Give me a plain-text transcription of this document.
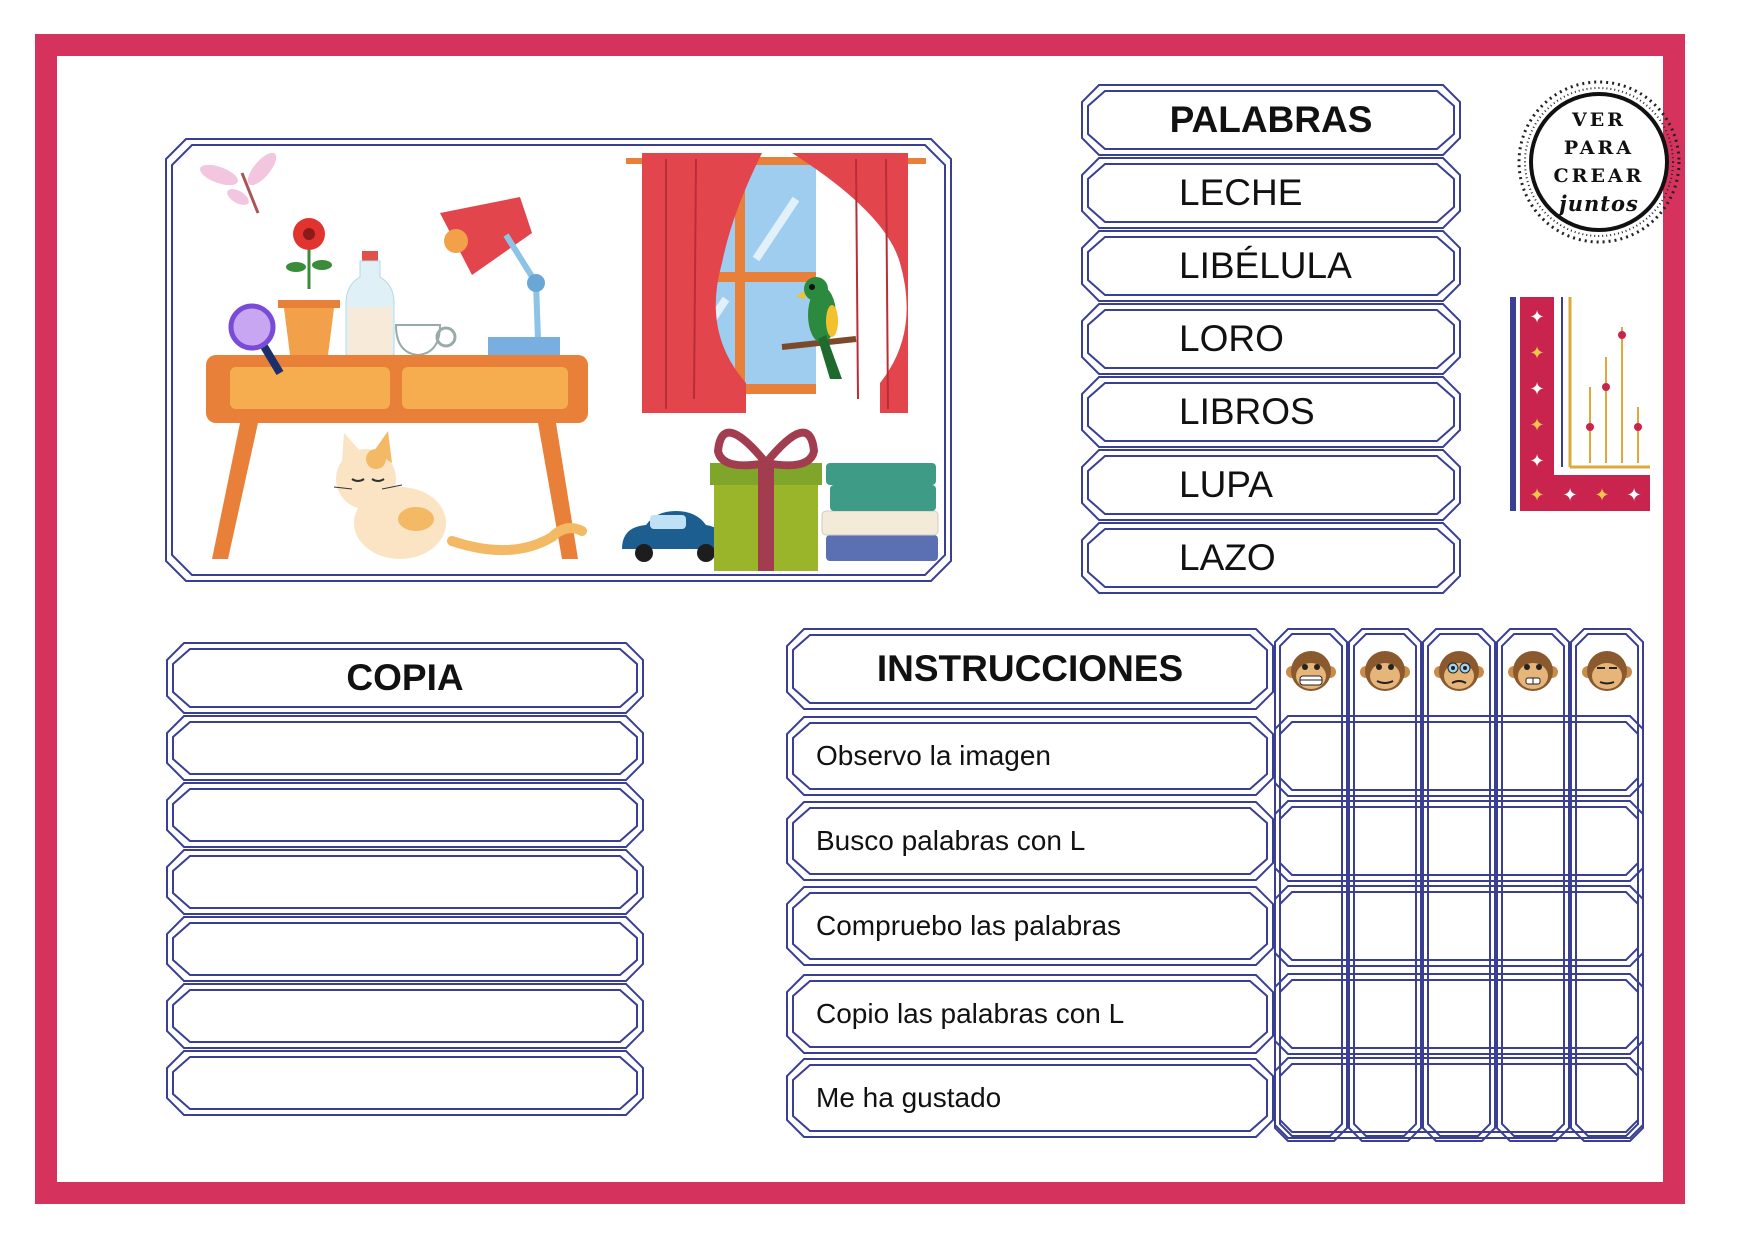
PALABRAS
LECHE
LIBÉLULA
LORO
LIBROS
LUPA
LAZO
VER
PARA
CREAR
juntos
✦
✦
✦
✦
✦
✦ ✦ ✦ ✦
COPIA	INSTRUCCIONES
Observo la imagen
Busco palabras con L
Compruebo las palabras
Copio las palabras con L
Me ha gustado
